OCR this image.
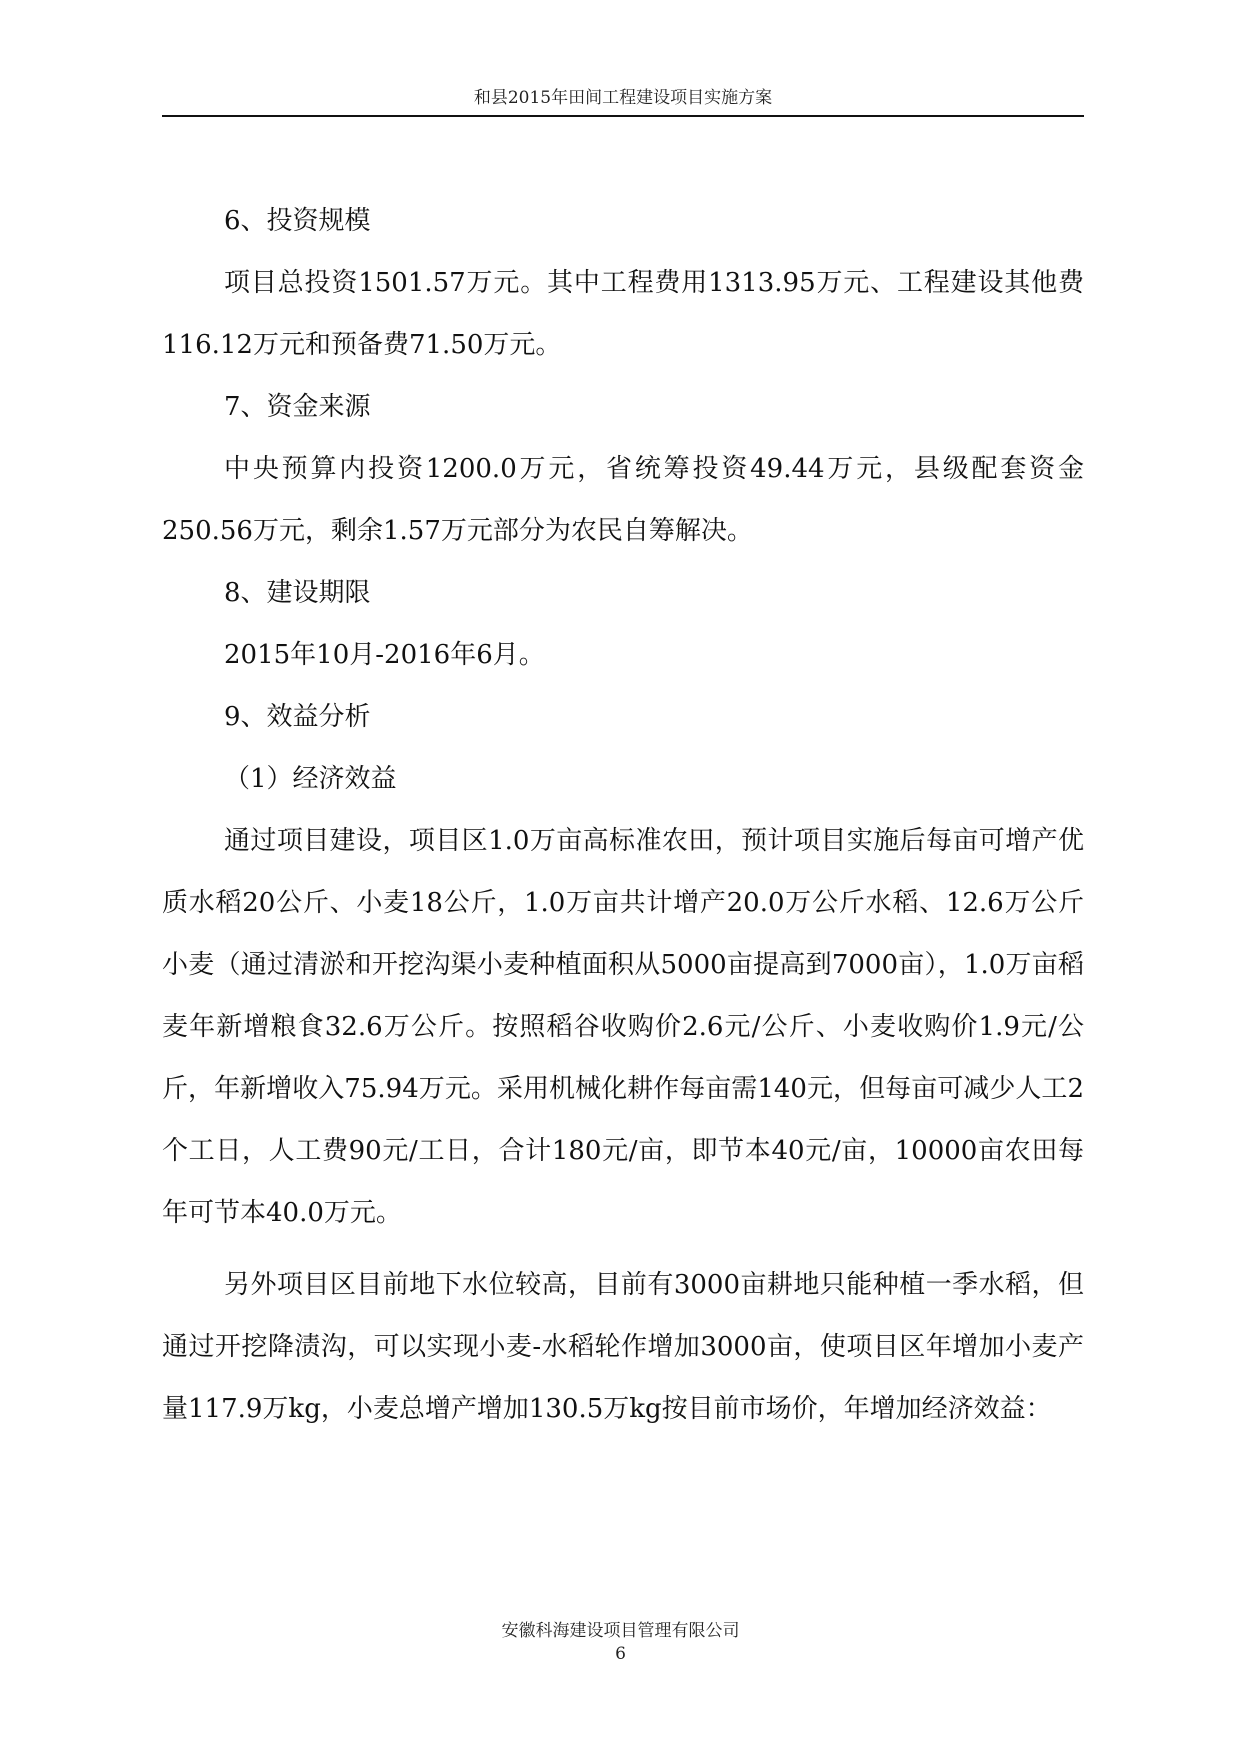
和县2015年田间工程建设项目实施方案

6、投资规模

项目总投资1501.57万元。其中工程费用1313.95万元、工程建设其他费116.12万元和预备费71.50万元。

7、资金来源

中央预算内投资1200.0万元，省统筹投资49.44万元，县级配套资金250.56万元，剩余1.57万元部分为农民自筹解决。

8、建设期限

2015年10月-2016年6月。

9、效益分析

（1）经济效益

通过项目建设，项目区1.0万亩高标准农田，预计项目实施后每亩可增产优质水稻20公斤、小麦18公斤，1.0万亩共计增产20.0万公斤水稻、12.6万公斤小麦（通过清淤和开挖沟渠小麦种植面积从5000亩提高到7000亩），1.0万亩稻麦年新增粮食32.6万公斤。按照稻谷收购价2.6元/公斤、小麦收购价1.9元/公斤，年新增收入75.94万元。采用机械化耕作每亩需140元，但每亩可减少人工2个工日，人工费90元/工日，合计180元/亩，即节本40元/亩，10000亩农田每年可节本40.0万元。

另外项目区目前地下水位较高，目前有3000亩耕地只能种植一季水稻，但通过开挖降渍沟，可以实现小麦-水稻轮作增加3000亩，使项目区年增加小麦产量117.9万kg，小麦总增产增加130.5万kg按目前市场价，年增加经济效益：

安徽科海建设项目管理有限公司
6
